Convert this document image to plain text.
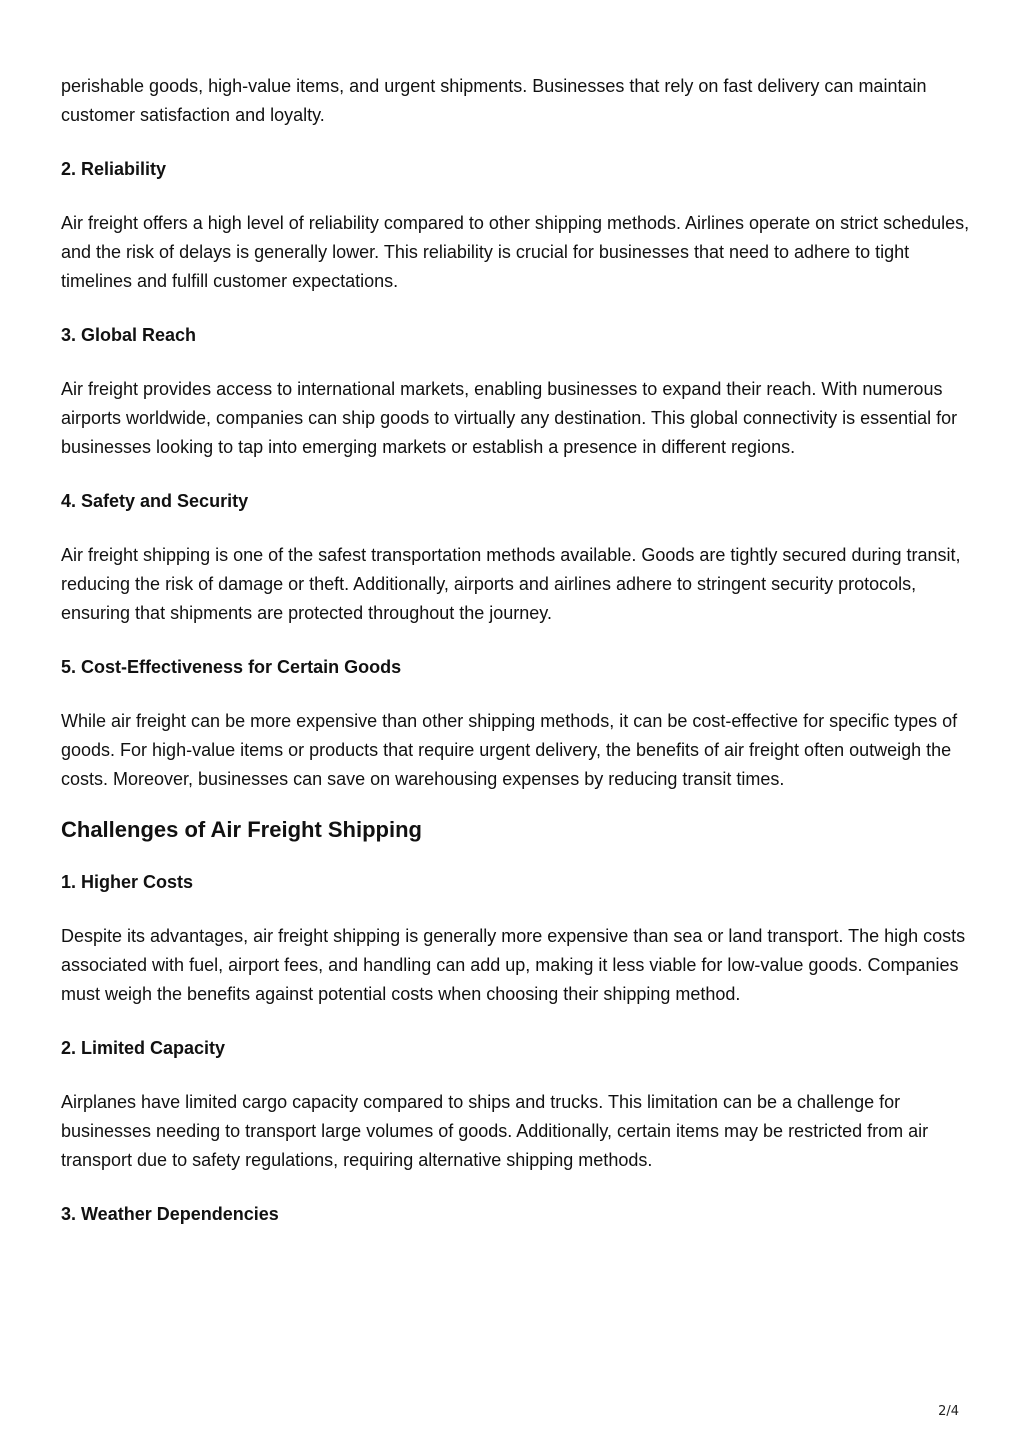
perishable goods, high-value items, and urgent shipments. Businesses that rely on fast delivery can maintain customer satisfaction and loyalty.

2. Reliability

Air freight offers a high level of reliability compared to other shipping methods. Airlines operate on strict schedules, and the risk of delays is generally lower. This reliability is crucial for businesses that need to adhere to tight timelines and fulfill customer expectations.

3. Global Reach

Air freight provides access to international markets, enabling businesses to expand their reach. With numerous airports worldwide, companies can ship goods to virtually any destination. This global connectivity is essential for businesses looking to tap into emerging markets or establish a presence in different regions.

4. Safety and Security

Air freight shipping is one of the safest transportation methods available. Goods are tightly secured during transit, reducing the risk of damage or theft. Additionally, airports and airlines adhere to stringent security protocols, ensuring that shipments are protected throughout the journey.

5. Cost-Effectiveness for Certain Goods

While air freight can be more expensive than other shipping methods, it can be cost-effective for specific types of goods. For high-value items or products that require urgent delivery, the benefits of air freight often outweigh the costs. Moreover, businesses can save on warehousing expenses by reducing transit times.

Challenges of Air Freight Shipping
1. Higher Costs

Despite its advantages, air freight shipping is generally more expensive than sea or land transport. The high costs associated with fuel, airport fees, and handling can add up, making it less viable for low-value goods. Companies must weigh the benefits against potential costs when choosing their shipping method.

2. Limited Capacity

Airplanes have limited cargo capacity compared to ships and trucks. This limitation can be a challenge for businesses needing to transport large volumes of goods. Additionally, certain items may be restricted from air transport due to safety regulations, requiring alternative shipping methods.

3. Weather Dependencies
2/4
